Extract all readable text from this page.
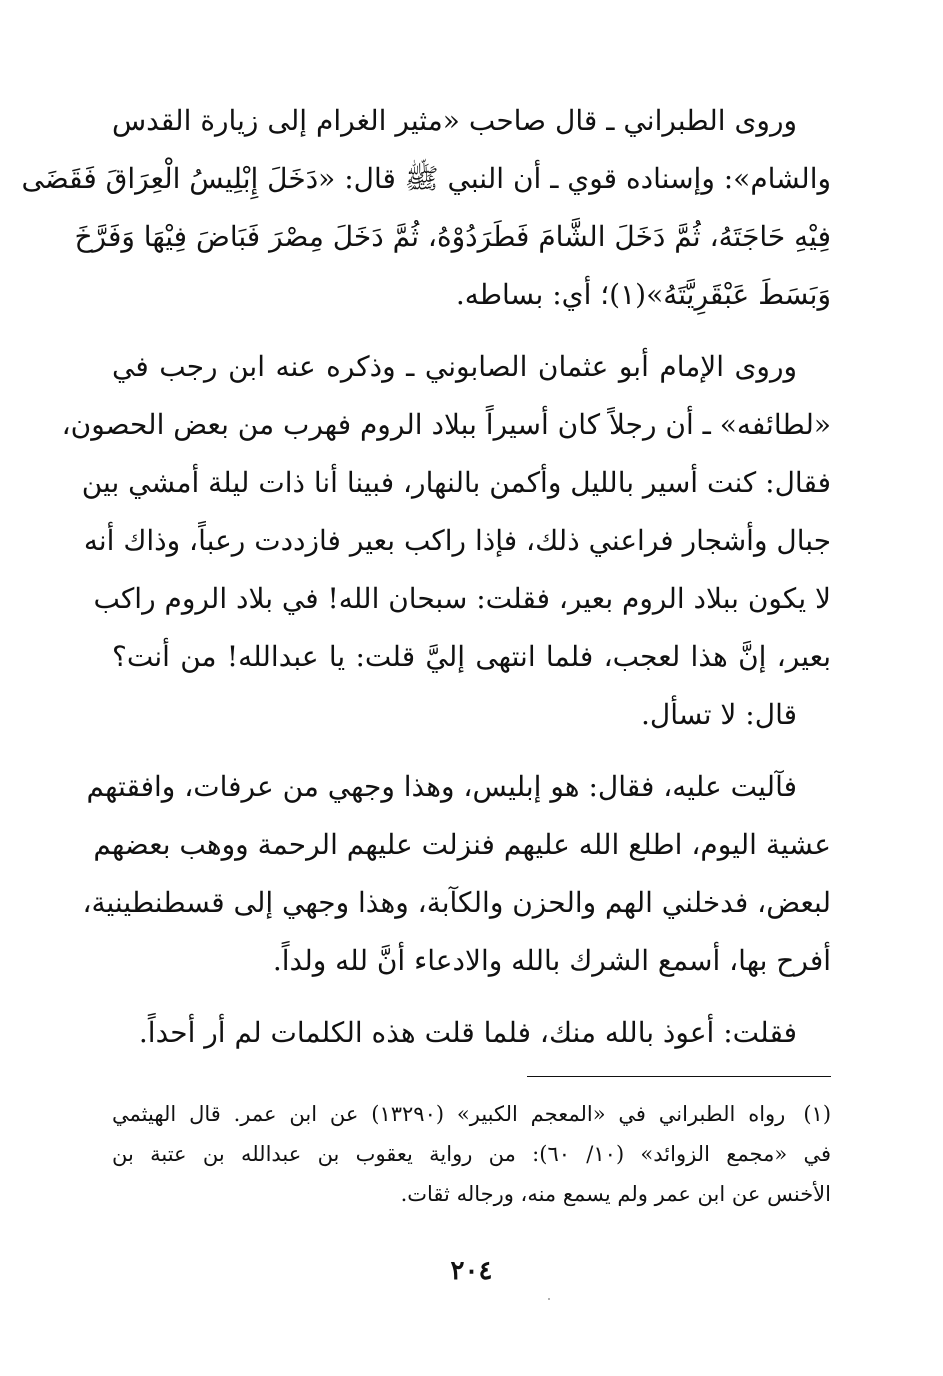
وروى الطبراني ـ قال صاحب «مثير الغرام إلى زيارة القدس
والشام»: وإسناده قوي ـ أن النبي ﷺ قال: «دَخَلَ إِبْلِيسُ الْعِرَاقَ فَقَضَى
فِيْهِ حَاجَتَهُ، ثُمَّ دَخَلَ الشَّامَ فَطَرَدُوْهُ، ثُمَّ دَخَلَ مِصْرَ فَبَاضَ فِيْهَا وَفَرَّخَ
وَبَسَطَ عَبْقَرِيَّتَهُ»(١)؛ أي: بساطه.
وروى الإمام أبو عثمان الصابوني ـ وذكره عنه ابن رجب في
«لطائفه» ـ أن رجلاً كان أسيراً ببلاد الروم فهرب من بعض الحصون،
فقال: كنت أسير بالليل وأكمن بالنهار، فبينا أنا ذات ليلة أمشي بين
جبال وأشجار فراعني ذلك، فإذا راكب بعير فازددت رعباً، وذاك أنه
لا يكون ببلاد الروم بعير، فقلت: سبحان الله! في بلاد الروم راكب
بعير، إنَّ هذا لعجب، فلما انتهى إليَّ قلت: يا عبدالله! من أنت؟
قال: لا تسأل.
فآليت عليه، فقال: هو إبليس، وهذا وجهي من عرفات، وافقتهم
عشية اليوم، اطلع الله عليهم فنزلت عليهم الرحمة ووهب بعضهم
لبعض، فدخلني الهم والحزن والكآبة، وهذا وجهي إلى قسطنطينية،
أفرح بها، أسمع الشرك بالله والادعاء أنَّ لله ولداً.
فقلت: أعوذ بالله منك، فلما قلت هذه الكلمات لم أر أحداً.
(١)رواه الطبراني في «المعجم الكبير» (١٣٢٩٠) عن ابن عمر. قال الهيثمي
في «مجمع الزوائد» (١٠/ ٦٠): من رواية يعقوب بن عبدالله بن عتبة بن
الأخنس عن ابن عمر ولم يسمع منه، ورجاله ثقات.
٢٠٤
